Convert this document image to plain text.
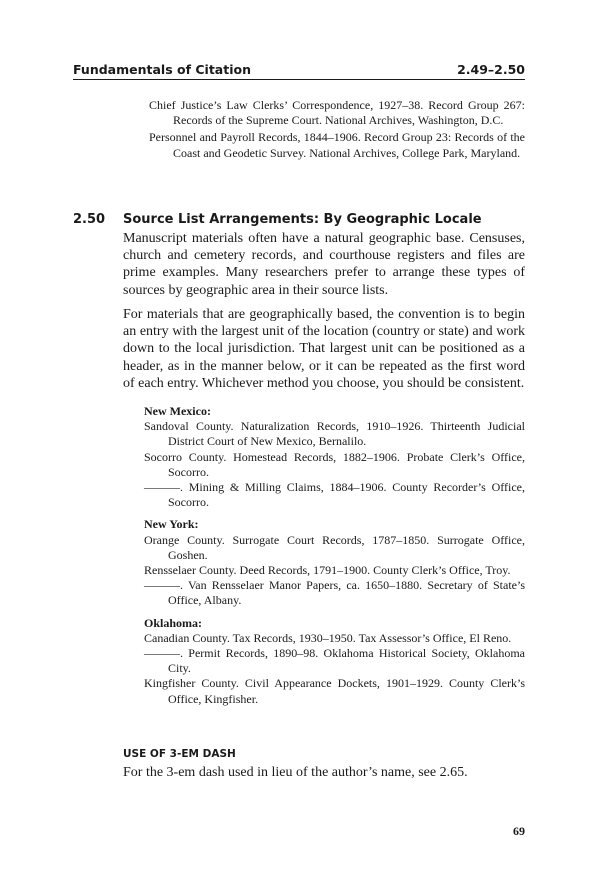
Fundamentals of Citation	2.49–2.50
Chief Justice’s Law Clerks’ Correspondence, 1927–38. Record Group 267: Records of the Supreme Court. National Archives, Washington, D.C.
Personnel and Payroll Records, 1844–1906. Record Group 23: Records of the Coast and Geodetic Survey. National Archives, College Park, Maryland.
2.50 Source List Arrangements: By Geographic Locale
Manuscript materials often have a natural geographic base. Censuses, church and cemetery records, and courthouse registers and files are prime examples. Many researchers prefer to arrange these types of sources by geographic area in their source lists.
For materials that are geographically based, the convention is to begin an entry with the largest unit of the location (country or state) and work down to the local jurisdiction. That largest unit can be positioned as a header, as in the manner below, or it can be repeated as the first word of each entry. Whichever method you choose, you should be consistent.
New Mexico:
Sandoval County. Naturalization Records, 1910–1926. Thirteenth Judicial District Court of New Mexico, Bernalilo.
Socorro County. Homestead Records, 1882–1906. Probate Clerk’s Office, Socorro.
———. Mining & Milling Claims, 1884–1906. County Recorder’s Office, Socorro.
New York:
Orange County. Surrogate Court Records, 1787–1850. Surrogate Office, Goshen.
Rensselaer County. Deed Records, 1791–1900. County Clerk’s Office, Troy.
———. Van Rensselaer Manor Papers, ca. 1650–1880. Secretary of State’s Office, Albany.
Oklahoma:
Canadian County. Tax Records, 1930–1950. Tax Assessor’s Office, El Reno.
———. Permit Records, 1890–98. Oklahoma Historical Society, Oklahoma City.
Kingfisher County. Civil Appearance Dockets, 1901–1929. County Clerk’s Office, Kingfisher.
USE OF 3-EM DASH
For the 3-em dash used in lieu of the author’s name, see 2.65.
69
